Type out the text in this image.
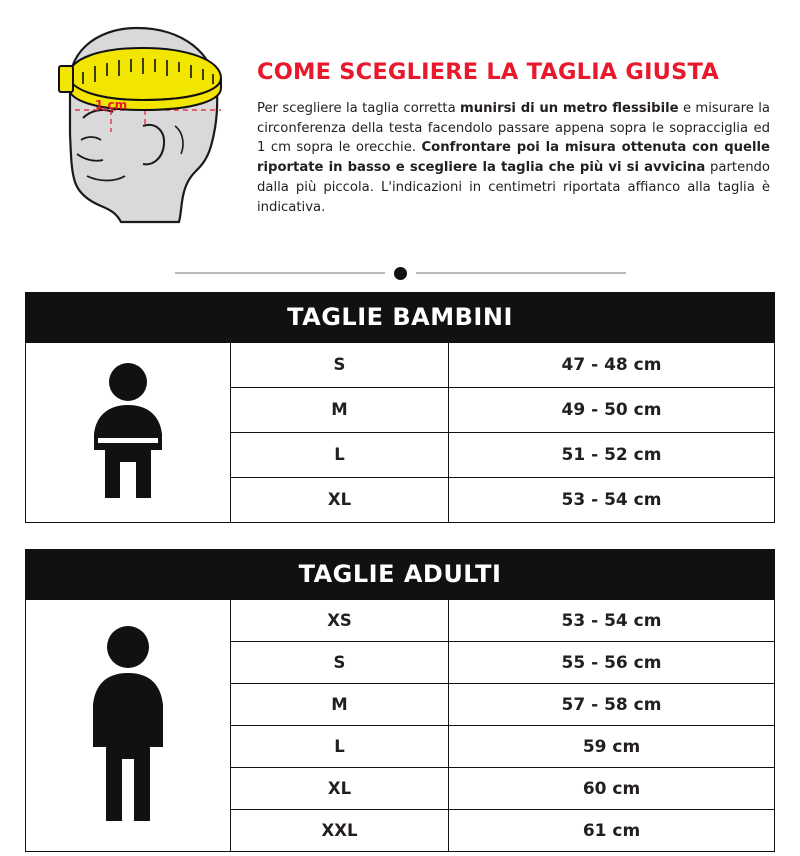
1 cm
COME SCEGLIERE LA TAGLIA GIUSTA

Per scegliere la taglia corretta munirsi di un metro flessibile e misurare la circonferenza della testa facendolo passare appena sopra le sopracciglia ed 1 cm sopra le orecchie. Confrontare poi la misura ottenuta con quelle riportate in basso e scegliere la taglia che più vi si avvicina partendo dalla più piccola. L'indicazioni in centimetri riportata affiancо alla taglia è indicativa.

TAGLIE BAMBINI
S	47 - 48 cm
M	49 - 50 cm
L	51 - 52 cm
XL	53 - 54 cm
TAGLIE ADULTI
XS	53 - 54 cm
S	55 - 56 cm
M	57 - 58 cm
L	59 cm
XL	60 cm
XXL	61 cm
